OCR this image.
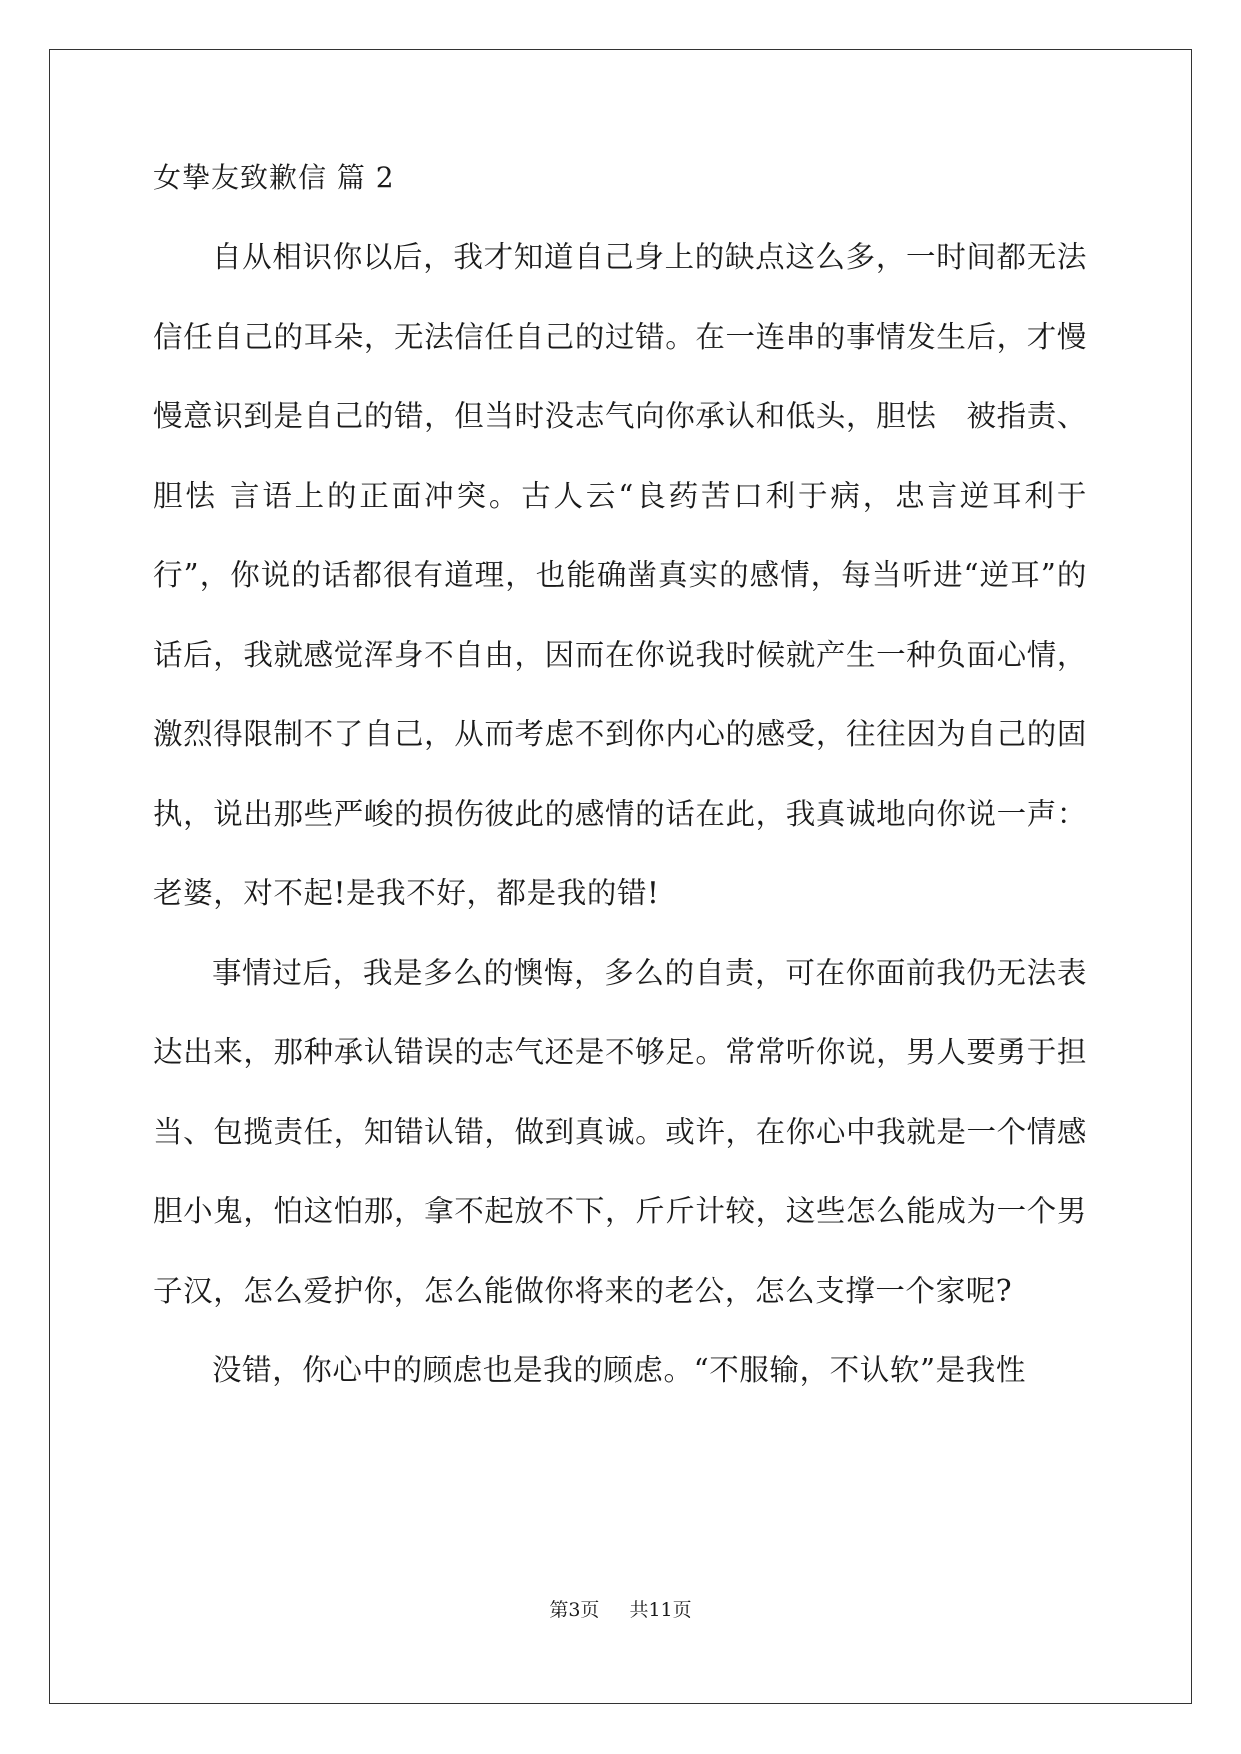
女挚友致歉信 篇 2

自从相识你以后，我才知道自己身上的缺点这么多，一时间都无法信任自己的耳朵，无法信任自己的过错。在一连串的事情发生后，才慢慢意识到是自己的错，但当时没志气向你承认和低头，胆怯　被指责、胆怯 言语上的正面冲突。古人云“良药苦口利于病，忠言逆耳利于行”，你说的话都很有道理，也能确凿真实的感情，每当听进“逆耳”的话后，我就感觉浑身不自由，因而在你说我时候就产生一种负面心情，激烈得限制不了自己，从而考虑不到你内心的感受，往往因为自己的固执，说出那些严峻的损伤彼此的感情的话在此，我真诚地向你说一声：老婆，对不起!是我不好，都是我的错!

事情过后，我是多么的懊悔，多么的自责，可在你面前我仍无法表达出来，那种承认错误的志气还是不够足。常常听你说，男人要勇于担当、包揽责任，知错认错，做到真诚。或许，在你心中我就是一个情感胆小鬼，怕这怕那，拿不起放不下，斤斤计较，这些怎么能成为一个男子汉，怎么爱护你，怎么能做你将来的老公，怎么支撑一个家呢?

没错，你心中的顾虑也是我的顾虑。“不服输，不认软”是我性

第3页 共11页
